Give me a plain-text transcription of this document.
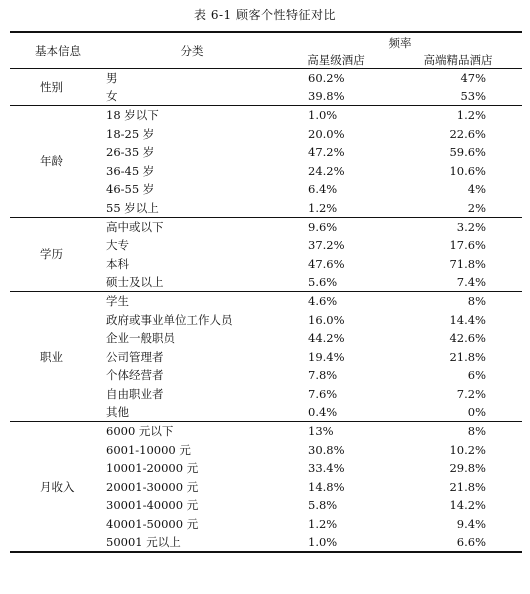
表 6-1 顾客个性特征对比
基本信息	分类	频率	
		高星级酒店	高端精品酒店
性别	男	60.2%	47%
	女	39.8%	53%
年龄	18 岁以下	1.0%	1.2%
	18-25 岁	20.0%	22.6%
	26-35 岁	47.2%	59.6%
	36-45 岁	24.2%	10.6%
	46-55 岁	6.4%	4%
	55 岁以上	1.2%	2%
学历	高中或以下	9.6%	3.2%
	大专	37.2%	17.6%
	本科	47.6%	71.8%
	硕士及以上	5.6%	7.4%
职业	学生	4.6%	8%
	政府或事业单位工作人员	16.0%	14.4%
	企业一般职员	44.2%	42.6%
	公司管理者	19.4%	21.8%
	个体经营者	7.8%	6%
	自由职业者	7.6%	7.2%
	其他	0.4%	0%
月收入	6000 元以下	13%	8%
	6001-10000 元	30.8%	10.2%
	10001-20000 元	33.4%	29.8%
	20001-30000 元	14.8%	21.8%
	30001-40000 元	5.8%	14.2%
	40001-50000 元	1.2%	9.4%
	50001 元以上	1.0%	6.6%
